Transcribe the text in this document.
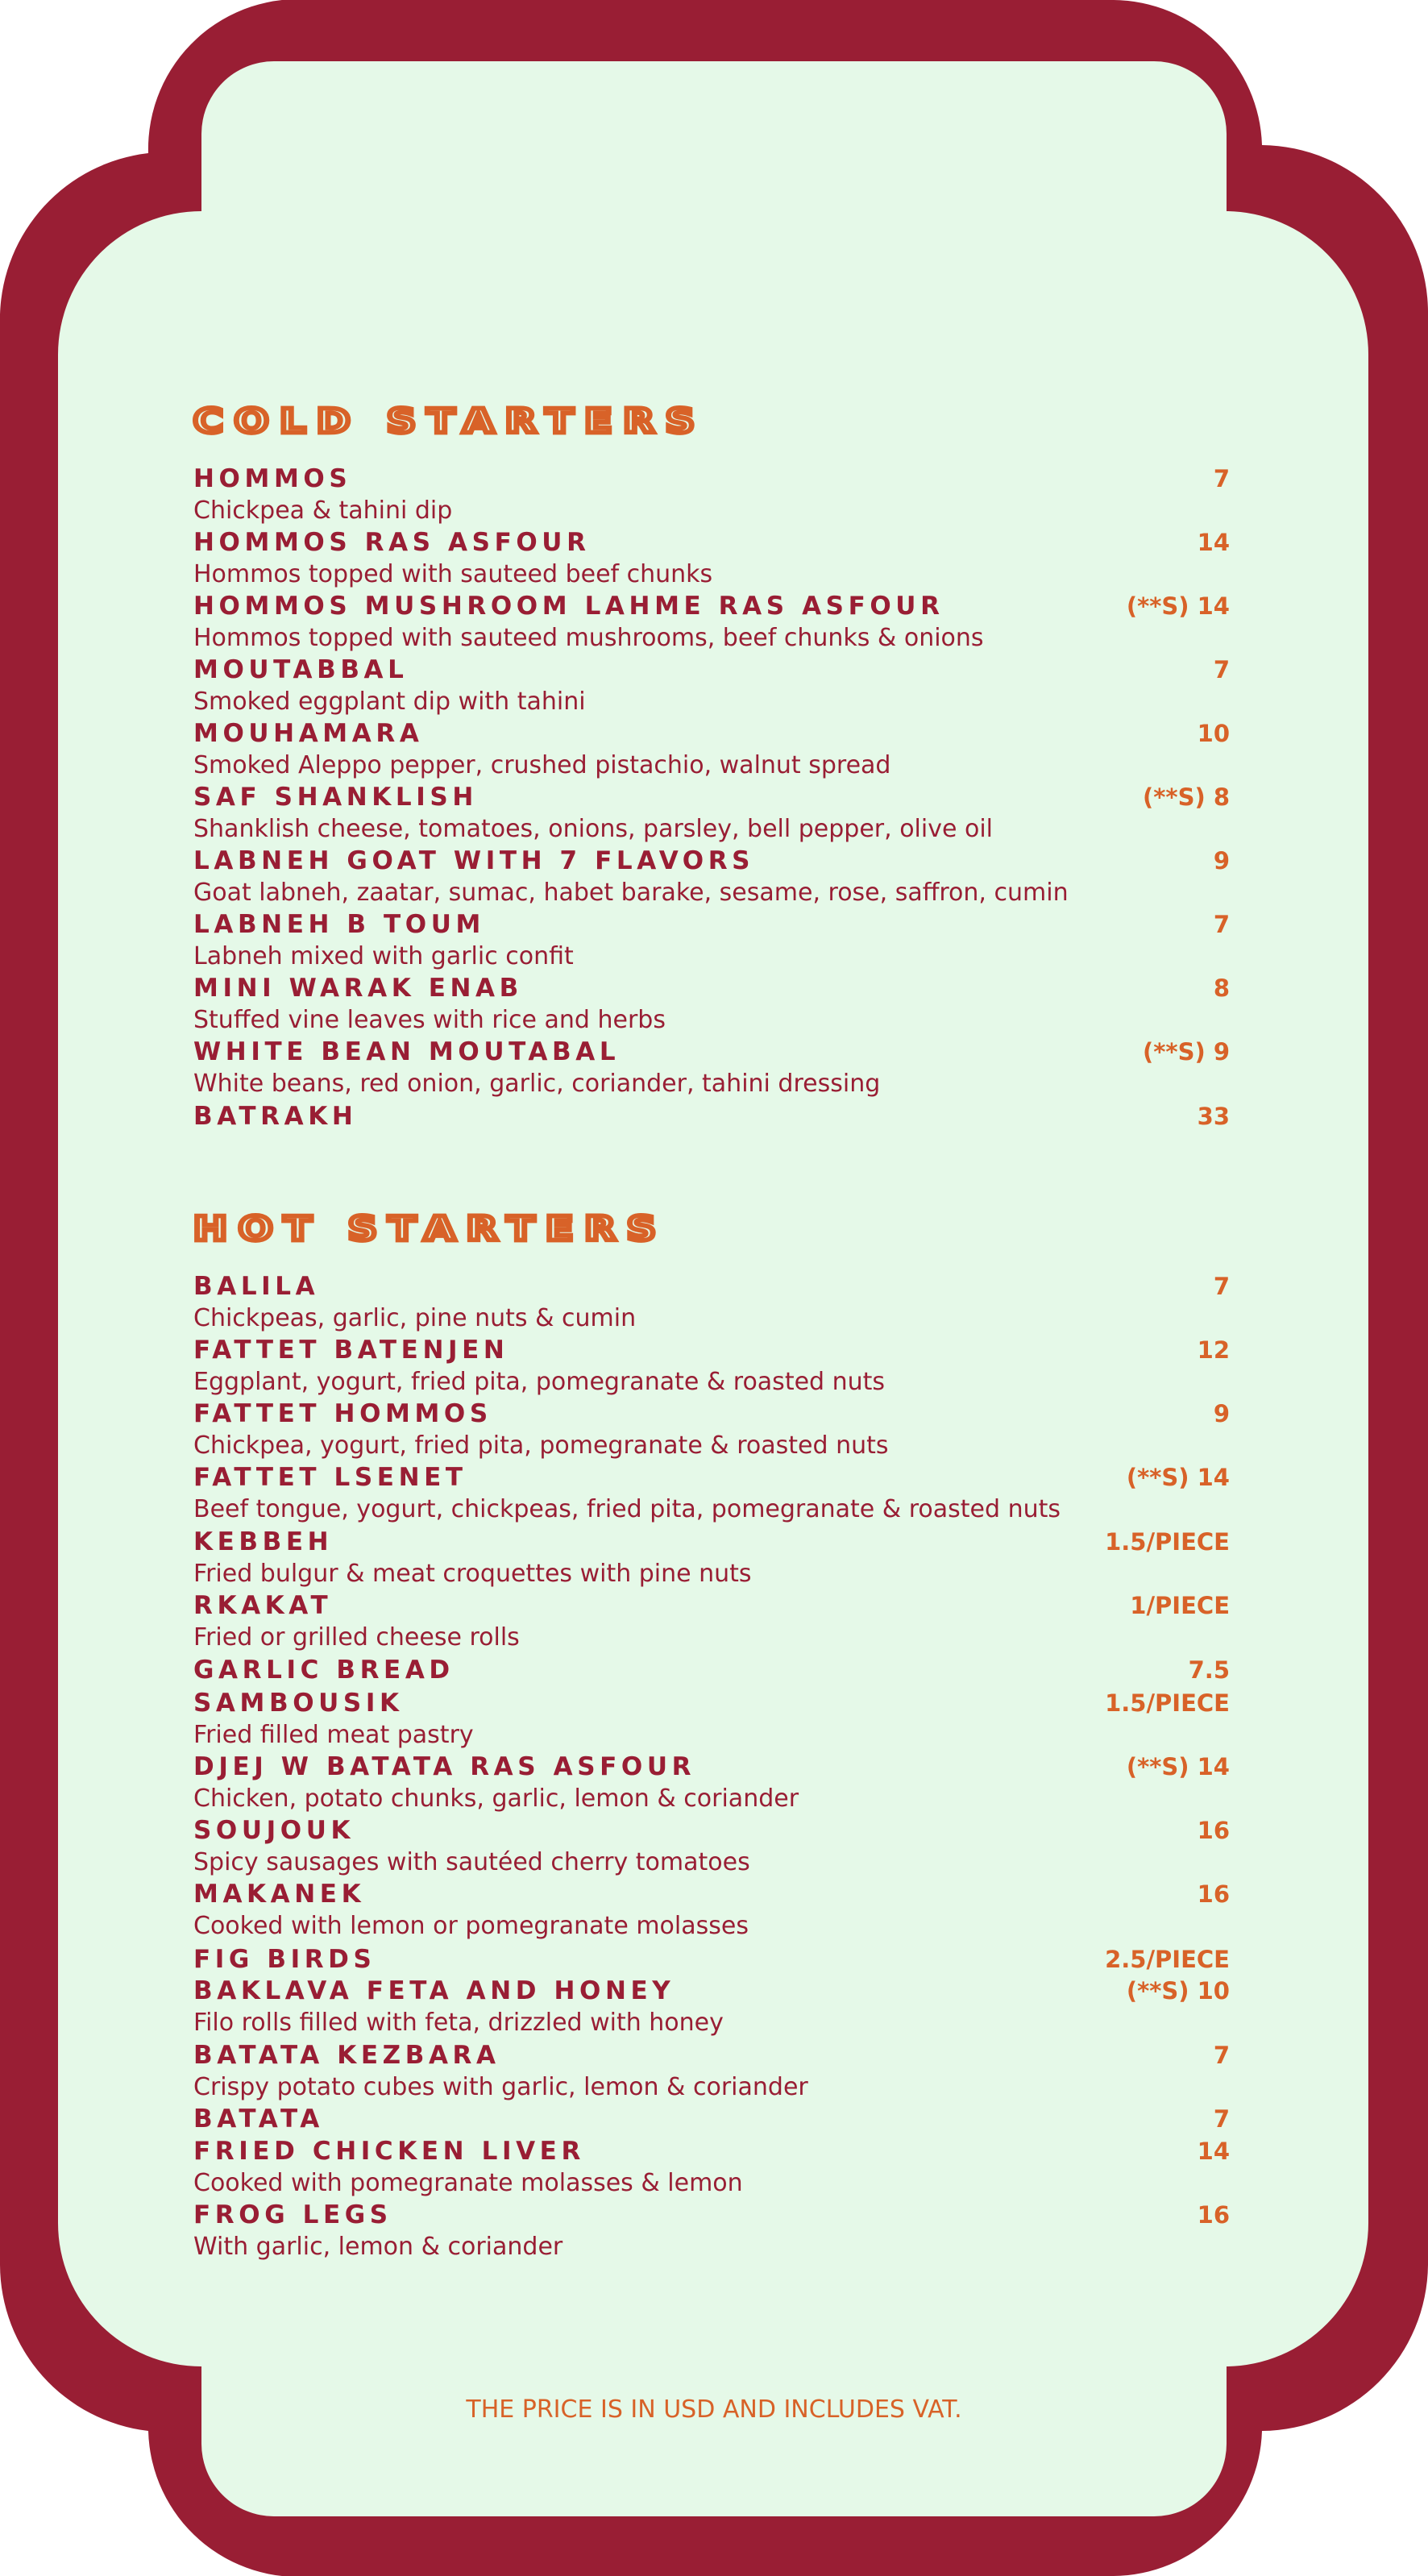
COLD STARTERS
HOMMOS	7
Chickpea & tahini dip
HOMMOS RAS ASFOUR	14
Hommos topped with sauteed beef chunks
HOMMOS MUSHROOM LAHME RAS ASFOUR	(**S) 14
Hommos topped with sauteed mushrooms, beef chunks & onions
MOUTABBAL	7
Smoked eggplant dip with tahini
MOUHAMARA	10
Smoked Aleppo pepper, crushed pistachio, walnut spread
SAF SHANKLISH	(**S) 8
Shanklish cheese, tomatoes, onions, parsley, bell pepper, olive oil
LABNEH GOAT WITH 7 FLAVORS	9
Goat labneh, zaatar, sumac, habet barake, sesame, rose, saffron, cumin
LABNEH B TOUM	7
Labneh mixed with garlic confit
MINI WARAK ENAB	8
Stuffed vine leaves with rice and herbs
WHITE BEAN MOUTABAL	(**S) 9
White beans, red onion, garlic, coriander, tahini dressing
BATRAKH	33
HOT STARTERS
BALILA	7
Chickpeas, garlic, pine nuts & cumin
FATTET BATENJEN	12
Eggplant, yogurt, fried pita, pomegranate & roasted nuts
FATTET HOMMOS	9
Chickpea, yogurt, fried pita, pomegranate & roasted nuts
FATTET LSENET	(**S) 14
Beef tongue, yogurt, chickpeas, fried pita, pomegranate & roasted nuts
KEBBEH	1.5/PIECE
Fried bulgur & meat croquettes with pine nuts
RKAKAT	1/PIECE
Fried or grilled cheese rolls
GARLIC BREAD	7.5
SAMBOUSIK	1.5/PIECE
Fried filled meat pastry
DJEJ W BATATA RAS ASFOUR	(**S) 14
Chicken, potato chunks, garlic, lemon & coriander
SOUJOUK	16
Spicy sausages with sautéed cherry tomatoes
MAKANEK	16
Cooked with lemon or pomegranate molasses
FIG BIRDS	2.5/PIECE
BAKLAVA FETA AND HONEY	(**S) 10
Filo rolls filled with feta, drizzled with honey
BATATA KEZBARA	7
Crispy potato cubes with garlic, lemon & coriander
BATATA	7
FRIED CHICKEN LIVER	14
Cooked with pomegranate molasses & lemon
FROG LEGS	16
With garlic, lemon & coriander
THE PRICE IS IN USD AND INCLUDES VAT.
